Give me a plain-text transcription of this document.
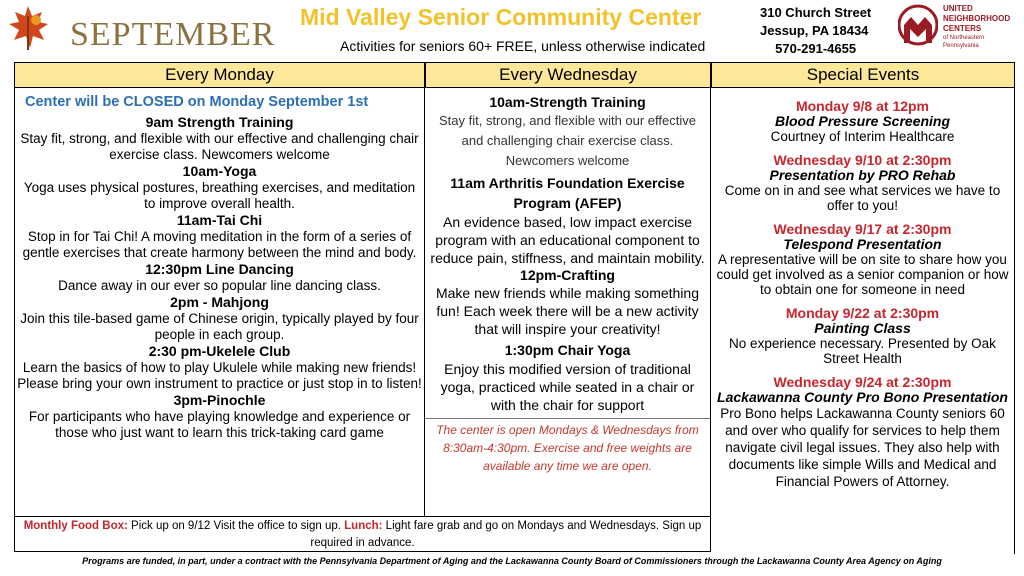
SEPTEMBER Mid Valley Senior Community Center
Activities for seniors 60+ FREE, unless otherwise indicated
310 Church Street
Jessup, PA 18434
570-291-4655
UNITED
NEIGHBORHOOD
CENTERS
of Northeastern
Pennsylvania
Every Monday	Every Wednesday	Special Events
Center will be CLOSED on Monday September 1st
9am Strength Training
Stay fit, strong, and flexible with our effective and challenging chair exercise class. Newcomers welcome
10am-Yoga
Yoga uses physical postures, breathing exercises, and meditation to improve overall health.
11am-Tai Chi
Stop in for Tai Chi! A moving meditation in the form of a series of gentle exercises that create harmony between the mind and body.
12:30pm Line Dancing
Dance away in our ever so popular line dancing class.
2pm - Mahjong
Join this tile-based game of Chinese origin, typically played by four people in each group.
2:30 pm-Ukelele Club
Learn the basics of how to play Ukulele while making new friends! Please bring your own instrument to practice or just stop in to listen!
3pm-Pinochle
For participants who have playing knowledge and experience or those who just want to learn this trick-taking card game
10am-Strength Training
Stay fit, strong, and flexible with our effective and challenging chair exercise class. Newcomers welcome
11am Arthritis Foundation Exercise Program (AFEP)
An evidence based, low impact exercise program with an educational component to reduce pain, stiffness, and maintain mobility.
12pm-Crafting
Make new friends while making something fun! Each week there will be a new activity that will inspire your creativity!
1:30pm Chair Yoga
Enjoy this modified version of traditional yoga, practiced while seated in a chair or with the chair for support
The center is open Mondays & Wednesdays from 8:30am-4:30pm. Exercise and free weights are available any time we are open.
Monday 9/8 at 12pm
Blood Pressure Screening
Courtney of Interim Healthcare
Wednesday 9/10 at 2:30pm
Presentation by PRO Rehab
Come on in and see what services we have to offer to you!
Wednesday 9/17 at 2:30pm
Telespond Presentation
A representative will be on site to share how you could get involved as a senior companion or how to obtain one for someone in need
Monday 9/22 at 2:30pm
Painting Class
No experience necessary. Presented by Oak Street Health
Wednesday 9/24 at 2:30pm
Lackawanna County Pro Bono Presentation
Pro Bono helps Lackawanna County seniors 60 and over who qualify for services to help them navigate civil legal issues. They also help with documents like simple Wills and Medical and Financial Powers of Attorney.
Monthly Food Box: Pick up on 9/12 Visit the office to sign up. Lunch: Light fare grab and go on Mondays and Wednesdays. Sign up required in advance.
Programs are funded, in part, under a contract with the Pennsylvania Department of Aging and the Lackawanna County Board of Commissioners through the Lackawanna County Area Agency on Aging
